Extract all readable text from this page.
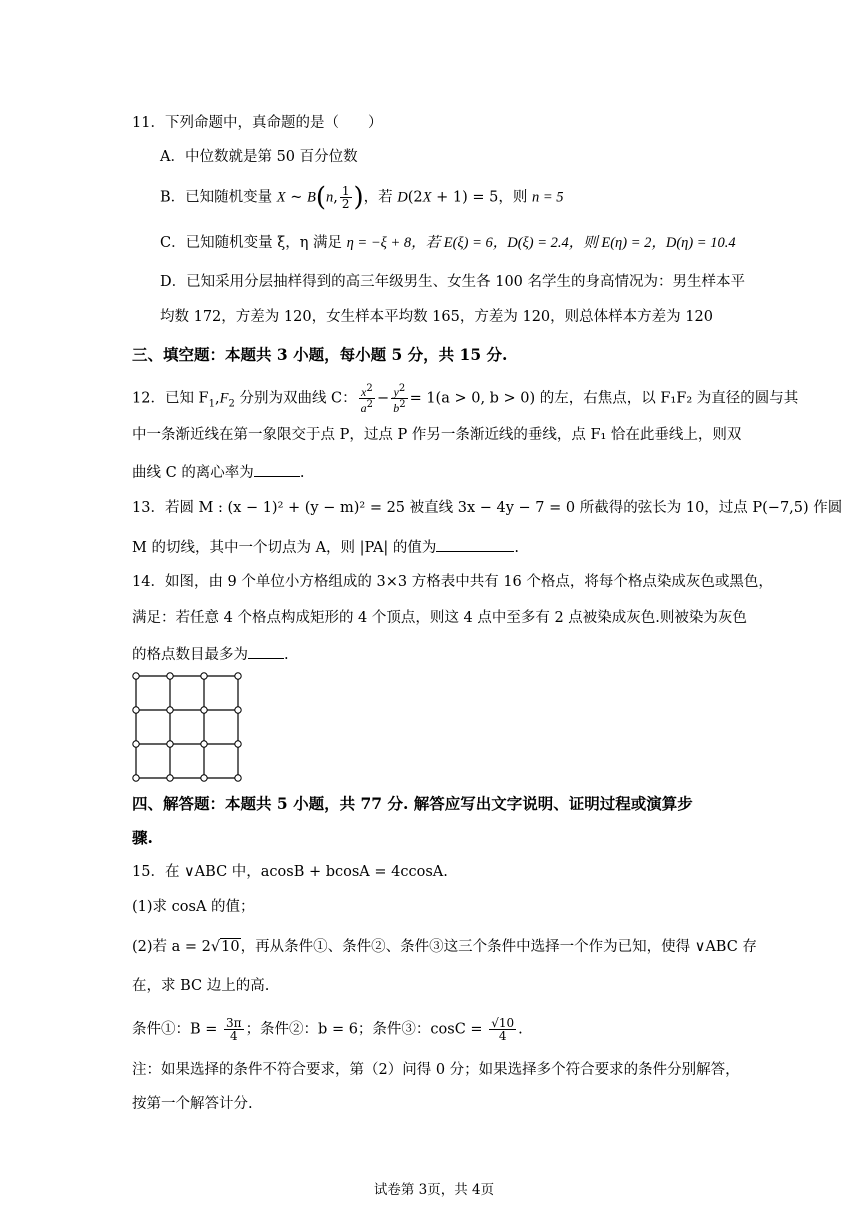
11．下列命题中，真命题的是（　　）
A．中位数就是第 50 百分位数
B．已知随机变量 X ~ B(n, $\frac{1}{2}$ )，若 D(2X + 1) = 5，则 n = 5
C．已知随机变量 ξ，η 满足 η = −ξ + 8，若 E(ξ) = 6，D(ξ) = 2.4，则 E(η) = 2，D(η) = 10.4
D．已知采用分层抽样得到的高三年级男生、女生各 100 名学生的身高情况为：男生样本平
均数 172，方差为 120，女生样本平均数 165，方差为 120，则总体样本方差为 120
三、填空题：本题共 3 小题，每小题 5 分，共 15 分.
12．已知 $F_1,F_2$ 分别为双曲线 C： $\frac{x^2}{a^2} - \frac{y^2}{b^2} = 1(a > 0$, b > 0) 的左，右焦点，以 F₁F₂ 为直径的圆与其
中一条渐近线在第一象限交于点 P，过点 P 作另一条渐近线的垂线，点 F₁ 恰在此垂线上，则双
曲线 C 的离心率为	.
13．若圆 M : (x − 1)² + (y − m)² = 25 被直线 3x − 4y − 7 = 0 所截得的弦长为 10，过点 P(−7,5) 作圆
M 的切线，其中一个切点为 A，则 |PA| 的值为	.
14．如图，由 9 个单位小方格组成的 3×3 方格表中共有 16 个格点，将每个格点染成灰色或黑色，
满足：若任意 4 个格点构成矩形的 4 个顶点，则这 4 点中至多有 2 点被染成灰色.则被染为灰色
的格点数目最多为 .
四、解答题：本题共 5 小题，共 77 分. 解答应写出文字说明、证明过程或演算步
骤.
15．在 ∨ABC 中，acosB + bcosA = 4ccosA.
(1)求 cosA 的值；
(2)若 a = 2√10，再从条件①、条件②、条件③这三个条件中选择一个作为已知，使得 ∨ABC 存
在，求 BC 边上的高.
条件①：$B = \frac{3\pi}{4}$ ；条件②：b = 6；条件③：$\cos C = \frac{√10}{4}$ .
注：如果选择的条件不符合要求，第（2）问得 0 分；如果选择多个符合要求的条件分别解答，
按第一个解答计分.
试卷第 3页，共 4页
